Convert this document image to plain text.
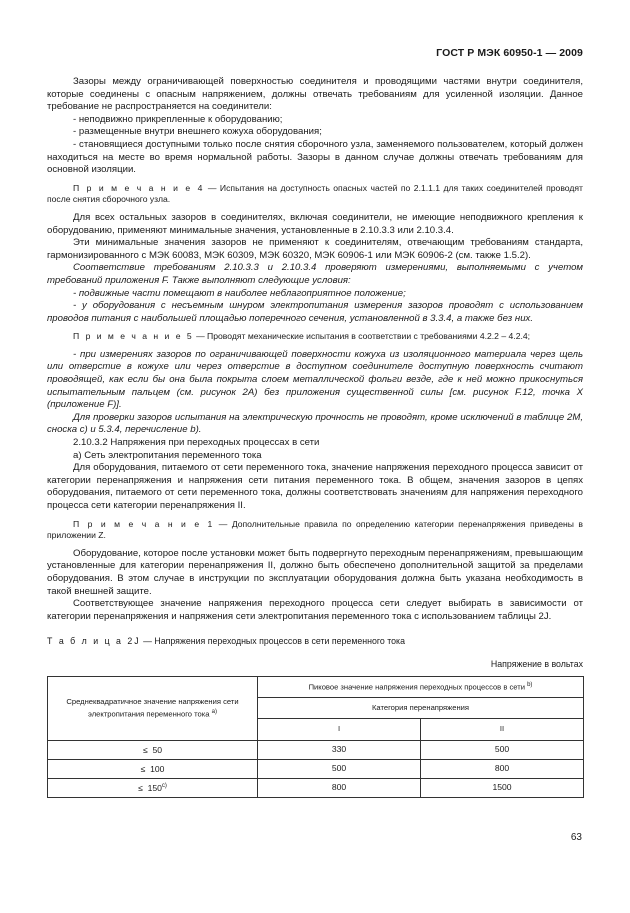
ГОСТ Р МЭК 60950-1 — 2009

Зазоры между ограничивающей поверхностью соединителя и проводящими частями внутри соединителя, которые соединены с опасным напряжением, должны отвечать требованиям для усиленной изоляции. Данное требование не распространяется на соединители:

- неподвижно прикрепленные к оборудованию;

- размещенные внутри внешнего кожуха оборудования;

- становящиеся доступными только после снятия сборочного узла, заменяемого пользователем, который должен находиться на месте во время нормальной работы. Зазоры в данном случае должны отвечать требованиям для основной изоляции.

П р и м е ч а н и е 4 — Испытания на доступность опасных частей по 2.1.1.1 для таких соединителей проводят после снятия сборочного узла.

Для всех остальных зазоров в соединителях, включая соединители, не имеющие неподвижного крепления к оборудованию, применяют минимальные значения, установленные в 2.10.3.3 или 2.10.3.4.

Эти минимальные значения зазоров не применяют к соединителям, отвечающим требованиям стандарта, гармонизированного с МЭК 60083, МЭК 60309, МЭК 60320, МЭК 60906-1 или МЭК 60906-2 (см. также 1.5.2).

Соответствие требованиям 2.10.3.3 и 2.10.3.4 проверяют измерениями, выполняемыми с учетом требований приложения F. Также выполняют следующие условия:

- подвижные части помещают в наиболее неблагоприятное положение;

- у оборудования с несъемным шнуром электропитания измерения зазоров проводят с использованием проводов питания с наибольшей площадью поперечного сечения, установленной в 3.3.4, а также без них.

П р и м е ч а н и е 5 — Проводят механические испытания в соответствии с требованиями 4.2.2 – 4.2.4;

- при измерениях зазоров по ограничивающей поверхности кожуха из изоляционного материала через щель или отверстие в кожухе или через отверстие в доступном соединителе доступную поверхность считают проводящей, как если бы она была покрыта слоем металлической фольги везде, где к ней можно прикоснуться испытательным пальцем (см. рисунок 2А) без приложения существенной силы [см. рисунок F.12, точка X (приложение F)].

Для проверки зазоров испытания на электрическую прочность не проводят, кроме исключений в таблице 2М, сноска с) и 5.3.4, перечисление b).

2.10.3.2 Напряжения при переходных процессах в сети

а) Сеть электропитания переменного тока

Для оборудования, питаемого от сети переменного тока, значение напряжения переходного процесса зависит от категории перенапряжения и напряжения сети питания переменного тока. В общем, значения зазоров в цепях оборудования, питаемого от сети переменного тока, должны соответствовать значениям для напряжения переходного процесса сети категории перенапряжения II.

П р и м е ч а н и е 1 — Дополнительные правила по определению категории перенапряжения приведены в приложении Z.

Оборудование, которое после установки может быть подвергнуто переходным перенапряжениям, превышающим установленные для категории перенапряжения II, должно быть обеспечено дополнительной защитой за пределами оборудования. В этом случае в инструкции по эксплуатации оборудования должна быть указана необходимость в такой внешней защите.

Соответствующее значение напряжения переходного процесса сети следует выбирать в зависимости от категории перенапряжения и напряжения сети электропитания переменного тока с использованием таблицы 2J.

Т а б л и ц а 2J — Напряжения переходных процессов в сети переменного тока

Напряжение в вольтах

Среднеквадратичное значение напряжения сети электропитания переменного тока $^{a)}$	Пиковое значение напряжения переходных процессов в сети $^{b)}$
	Категория перенапряжения	
	I	II
≤ 50	330	500
≤ 100	500	800
≤ $150^{c)}$	800	1500
63
